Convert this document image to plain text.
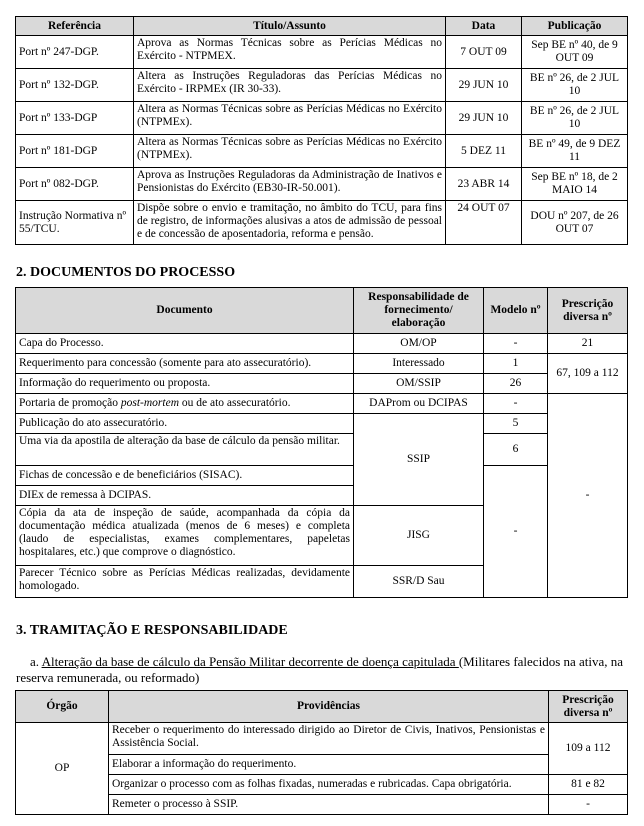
Referência	Título/Assunto	Data	Publicação
Port nº 247-DGP.	Aprova as Normas Técnicas sobre as Perícias Médicas no Exército - NTPMEX.	7 OUT 09	Sep BE nº 40, de 9 OUT 09
Port nº 132-DGP.	Altera as Instruções Reguladoras das Perícias Médicas no Exército - IRPMEx (IR 30-33).	29 JUN 10	BE nº 26, de 2 JUL 10
Port nº 133-DGP	Altera as Normas Técnicas sobre as Perícias Médicas no Exército (NTPMEx).	29 JUN 10	BE nº 26, de 2 JUL 10
Port nº 181-DGP	Altera as Normas Técnicas sobre as Perícias Médicas no Exército (NTPMEx).	5 DEZ 11	BE nº 49, de 9 DEZ 11
Port nº 082-DGP.	Aprova as Instruções Reguladoras da Administração de Inativos e Pensionistas do Exército (EB30-IR-50.001).	23 ABR 14	Sep BE nº 18, de 2 MAIO 14
Instrução Normativa nº 55/TCU.	Dispõe sobre o envio e tramitação, no âmbito do TCU, para fins de registro, de informações alusivas a atos de admissão de pessoal e de concessão de aposentadoria, reforma e pensão.	24 OUT 07	DOU nº 207, de 26 OUT 07
2. DOCUMENTOS DO PROCESSO
Documento	Responsabilidade de fornecimento/ elaboração	Modelo nº	Prescrição diversa nº
Capa do Processo.	OM/OP	-	21
Requerimento para concessão (somente para ato assecuratório).	Interessado	1	67, 109 a 112
Informação do requerimento ou proposta.	OM/SSIP	26	
Portaria de promoção post-mortem ou de ato assecuratório.	DAProm ou DCIPAS	-	-
Publicação do ato assecuratório.	SSIP	5	
Uma via da apostila de alteração da base de cálculo da pensão militar.		6	
Fichas de concessão e de beneficiários (SISAC).		-	
DIEx de remessa à DCIPAS.			
Cópia da ata de inspeção de saúde, acompanhada da cópia da documentação médica atualizada (menos de 6 meses) e completa (laudo de especialistas, exames complementares, papeletas hospitalares, etc.) que comprove o diagnóstico.	JISG		
Parecer Técnico sobre as Perícias Médicas realizadas, devidamente homologado.	SSR/D Sau		
3. TRAMITAÇÃO E RESPONSABILIDADE
a. Alteração da base de cálculo da Pensão Militar decorrente de doença capitulada (Militares falecidos na ativa, na reserva remunerada, ou reformado)
Órgão	Providências	Prescrição diversa nº
OP	Receber o requerimento do interessado dirigido ao Diretor de Civis, Inativos, Pensionistas e Assistência Social.	109 a 112
	Elaborar a informação do requerimento.	
	Organizar o processo com as folhas fixadas, numeradas e rubricadas. Capa obrigatória.	81 e 82
	Remeter o processo à SSIP.	-
